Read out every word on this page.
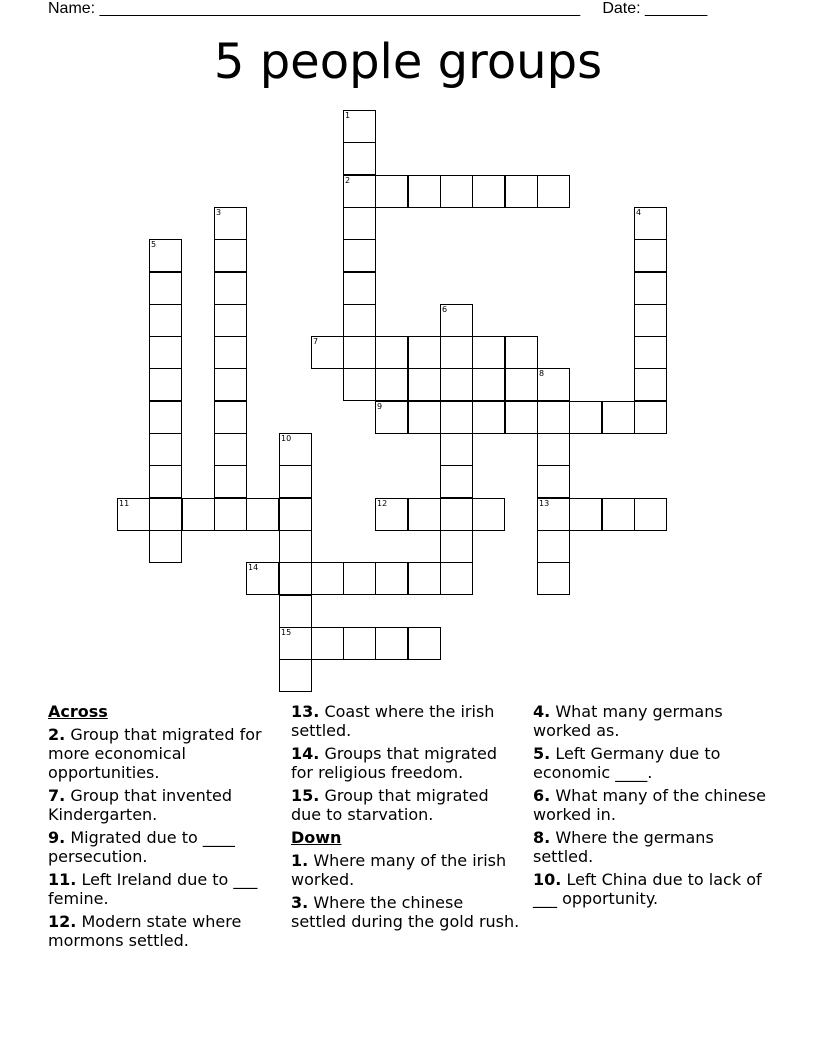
Name: ______________________________________________________ Date: _______
5 people groups
2
7
9
11	12	13
14
15
1
3	4
5
6
8
10
Across
2. Group that migrated for more economical opportunities.
7. Group that invented Kindergarten.
9. Migrated due to ____ persecution.
11. Left Ireland due to ___ femine.
12. Modern state where mormons settled.
13. Coast where the irish settled.
14. Groups that migrated for religious freedom.
15. Group that migrated due to starvation.
Down
1. Where many of the irish worked.
3. Where the chinese settled during the gold rush.
4. What many germans worked as.
5. Left Germany due to economic ____.
6. What many of the chinese worked in.
8. Where the germans settled.
10. Left China due to lack of ___ opportunity.
